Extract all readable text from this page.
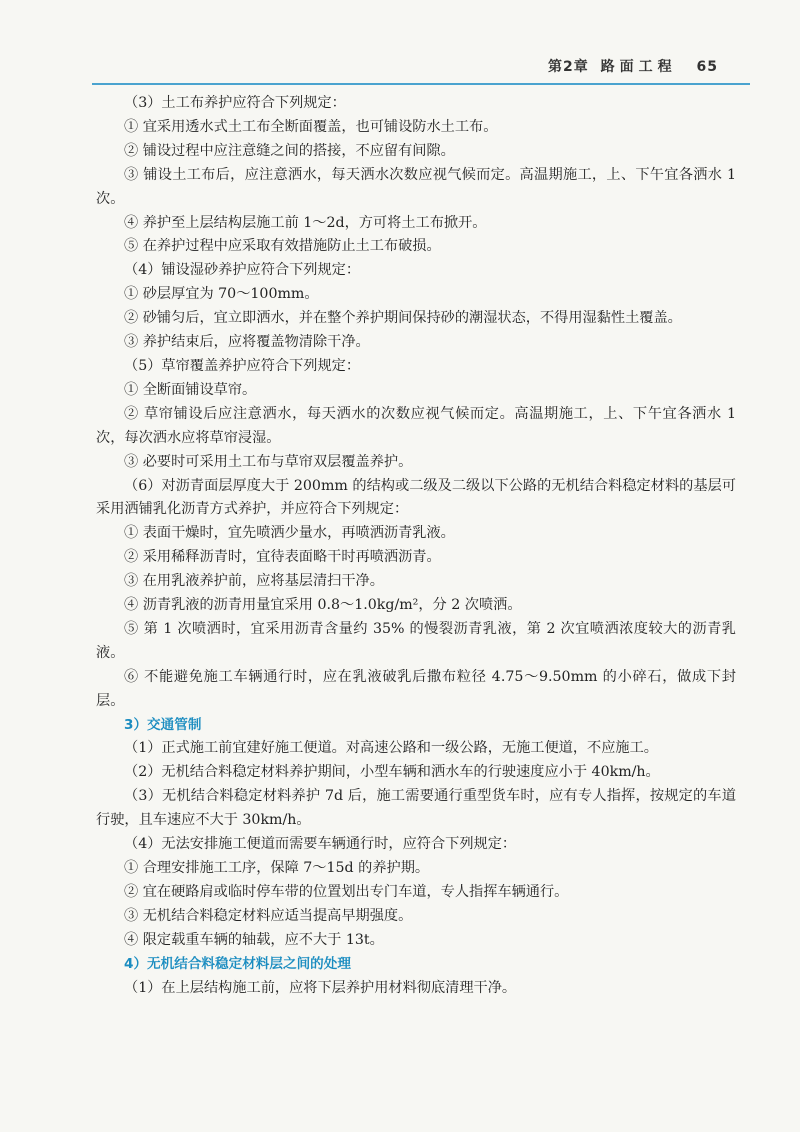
第2章 路面工程 65

（3）土工布养护应符合下列规定：

① 宜采用透水式土工布全断面覆盖，也可铺设防水土工布。

② 铺设过程中应注意缝之间的搭接，不应留有间隙。

③ 铺设土工布后，应注意洒水，每天洒水次数应视气候而定。高温期施工，上、下午宜各洒水 1 次。

④ 养护至上层结构层施工前 1～2d，方可将土工布掀开。

⑤ 在养护过程中应采取有效措施防止土工布破损。

（4）铺设湿砂养护应符合下列规定：

① 砂层厚宜为 70～100mm。

② 砂铺匀后，宜立即洒水，并在整个养护期间保持砂的潮湿状态，不得用湿黏性土覆盖。

③ 养护结束后，应将覆盖物清除干净。

（5）草帘覆盖养护应符合下列规定：

① 全断面铺设草帘。

② 草帘铺设后应注意洒水，每天洒水的次数应视气候而定。高温期施工，上、下午宜各洒水 1 次，每次洒水应将草帘浸湿。

③ 必要时可采用土工布与草帘双层覆盖养护。

（6）对沥青面层厚度大于 200mm 的结构或二级及二级以下公路的无机结合料稳定材料的基层可采用洒铺乳化沥青方式养护，并应符合下列规定：

① 表面干燥时，宜先喷洒少量水，再喷洒沥青乳液。

② 采用稀释沥青时，宜待表面略干时再喷洒沥青。

③ 在用乳液养护前，应将基层清扫干净。

④ 沥青乳液的沥青用量宜采用 0.8～1.0kg/m²，分 2 次喷洒。

⑤ 第 1 次喷洒时，宜采用沥青含量约 35% 的慢裂沥青乳液，第 2 次宜喷洒浓度较大的沥青乳液。

⑥ 不能避免施工车辆通行时，应在乳液破乳后撒布粒径 4.75～9.50mm 的小碎石，做成下封层。

3）交通管制

（1）正式施工前宜建好施工便道。对高速公路和一级公路，无施工便道，不应施工。

（2）无机结合料稳定材料养护期间，小型车辆和洒水车的行驶速度应小于 40km/h。

（3）无机结合料稳定材料养护 7d 后，施工需要通行重型货车时，应有专人指挥，按规定的车道行驶，且车速应不大于 30km/h。

（4）无法安排施工便道而需要车辆通行时，应符合下列规定：

① 合理安排施工工序，保障 7～15d 的养护期。

② 宜在硬路肩或临时停车带的位置划出专门车道，专人指挥车辆通行。

③ 无机结合料稳定材料应适当提高早期强度。

④ 限定载重车辆的轴载，应不大于 13t。

4）无机结合料稳定材料层之间的处理

（1）在上层结构施工前，应将下层养护用材料彻底清理干净。
